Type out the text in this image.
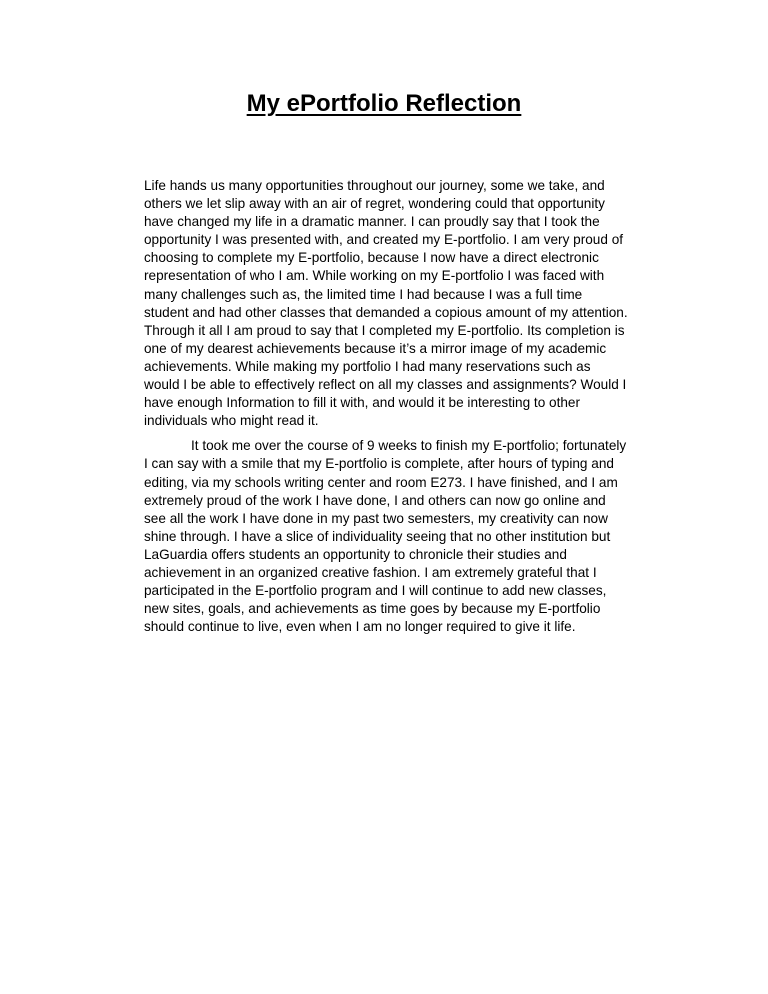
My ePortfolio Reflection

Life hands us many opportunities throughout our journey, some we take, and others we let slip away with an air of regret, wondering could that opportunity have changed my life in a dramatic manner. I can proudly say that I took the opportunity I was presented with, and created my E-portfolio. I am very proud of choosing to complete my E-portfolio, because I now have a direct electronic representation of who I am. While working on my E-portfolio I was faced with many challenges such as, the limited time I had because I was a full time student and had other classes that demanded a copious amount of my attention. Through it all I am proud to say that I completed my E-portfolio. Its completion is one of my dearest achievements because it’s a mirror image of my academic achievements. While making my portfolio I had many reservations such as would I be able to effectively reflect on all my classes and assignments? Would I have enough Information to fill it with, and would it be interesting to other individuals who might read it.

It took me over the course of 9 weeks to finish my E-portfolio; fortunately I can say with a smile that my E-portfolio is complete, after hours of typing and editing, via my schools writing center and room E273. I have finished, and I am extremely proud of the work I have done, I and others can now go online and see all the work I have done in my past two semesters, my creativity can now shine through. I have a slice of individuality seeing that no other institution but LaGuardia offers students an opportunity to chronicle their studies and achievement in an organized creative fashion. I am extremely grateful that I participated in the E-portfolio program and I will continue to add new classes, new sites, goals, and achievements as time goes by because my E-portfolio should continue to live, even when I am no longer required to give it life.
